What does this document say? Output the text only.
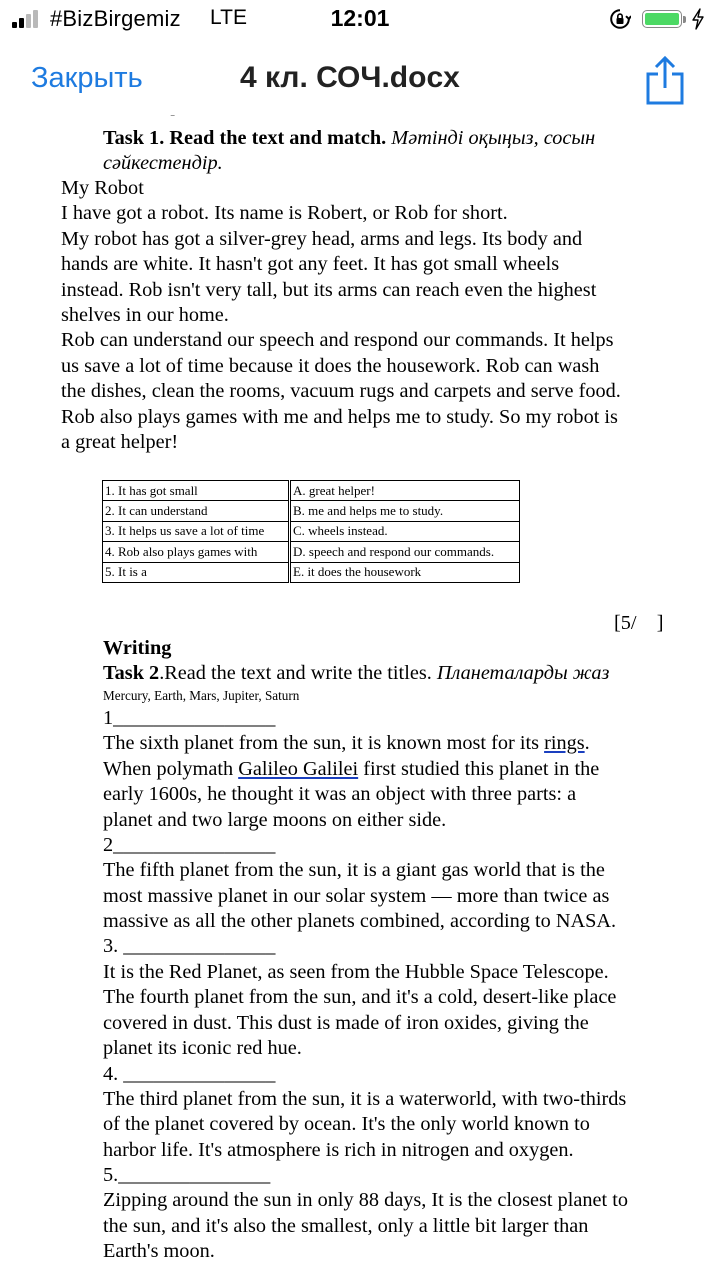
#BizBirgemiz LTE	12:01
Закрыть	4 кл. СОЧ.docx

‾

Task 1. Read the text and match. Мәтінді оқыңыз, сосын

сәйкестендір.

My Robot

I have got a robot. Its name is Robert, or Rob for short.

My robot has got a silver-grey head, arms and legs. Its body and

hands are white. It hasn't got any feet. It has got small wheels

instead. Rob isn't very tall, but its arms can reach even the highest

shelves in our home.

Rob can understand our speech and respond our commands. It helps

us save a lot of time because it does the housework. Rob can wash

the dishes, clean the rooms, vacuum rugs and carpets and serve food.

Rob also plays games with me and helps me to study. So my robot is

a great helper!

1. It has got small	A. great helper!
2. It can understand	B. me and helps me to study.
3. It helps us save a lot of time	C. wheels instead.
4. Rob also plays games with	D. speech and respond our commands.
5. It is a	E. it does the housework

[5/    ]

Writing

Task 2.Read the text and write the titles. Планеталарды жаз

Mercury, Earth, Mars, Jupiter, Saturn

1________________

The sixth planet from the sun, it is known most for its rings.

When polymath Galileo Galilei first studied this planet in the

early 1600s, he thought it was an object with three parts: a

planet and two large moons on either side.

2________________

The fifth planet from the sun, it is a giant gas world that is the

most massive planet in our solar system — more than twice as

massive as all the other planets combined, according to NASA.

3. _______________

It is the Red Planet, as seen from the Hubble Space Telescope.

The fourth planet from the sun, and it's a cold, desert-like place

covered in dust. This dust is made of iron oxides, giving the

planet its iconic red hue.

4. _______________

The third planet from the sun, it is a waterworld, with two-thirds

of the planet covered by ocean. It's the only world known to

harbor life. It's atmosphere is rich in nitrogen and oxygen.

5._______________

Zipping around the sun in only 88 days, It is the closest planet to

the sun, and it's also the smallest, only a little bit larger than

Earth's moon.
